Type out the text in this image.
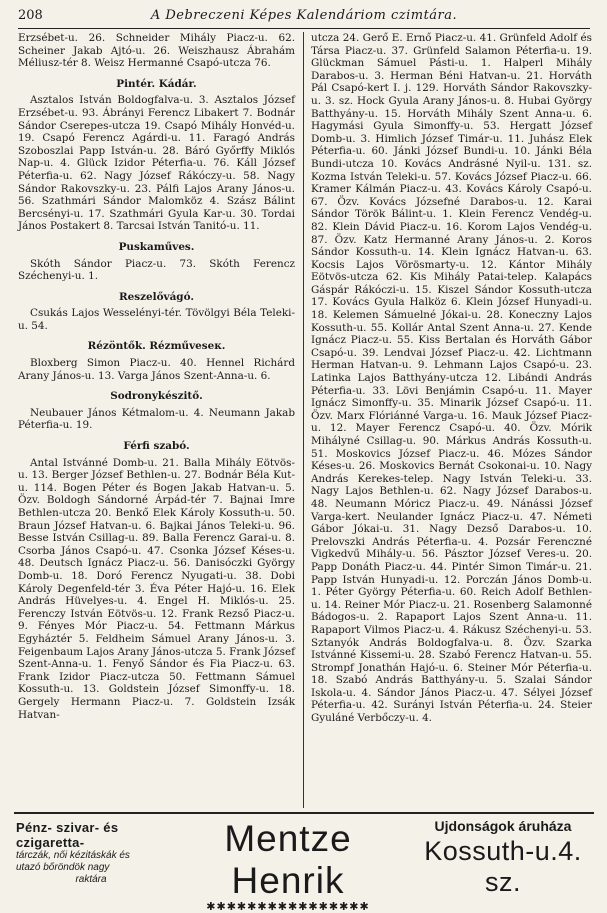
208	A Debreczeni Képes Kalendáriom czimtára.

Erzsébet-u. 26. Schneider Mihály Piacz-u. 62. Scheiner Jakab Ajtó-u. 26. Weiszhausz Ábrahám Méliusz-tér 8. Weisz Hermanné Csapó-utcza 76.

Pintér. Kádár.

Asztalos István Boldogfalva-u. 3. Asztalos József Erzsébet-u. 93. Ábrányi Ferencz Libakert 7. Bodnár Sándor Cserepes-utcza 19. Csapó Mihály Honvéd-u. 19. Csapó Ferencz Agárdi-u. 11. Faragó András Szoboszlai Papp István-u. 28. Báró Győrffy Miklós Nap-u. 4. Glück Izidor Péterfia-u. 76. Káll József Péterfia-u. 62. Nagy József Rákóczy-u. 58. Nagy Sándor Rakovszky-u. 23. Pálfi Lajos Arany János-u. 56. Szathmári Sándor Malomköz 4. Szász Bálint Bercsényi-u. 17. Szathmári Gyula Kar-u. 30. Tordai János Postakert 8. Tarcsai István Tanitó-u. 11.

Puskaműves.

Skóth Sándor Piacz-u. 73. Skóth Ferencz Széchenyi-u. 1.

Reszelővágó.

Csukás Lajos Wesselényi-tér. Tövölgyi Béla Teleki-u. 54.

Rézöntők. Rézműveseк.

Bloxberg Simon Piacz-u. 40. Hennel Richárd Arany János-u. 13. Varga János Szent-Anna-u. 6.

Sodronykészitő.

Neubauer János Kétmalom-u. 4. Neumann Jakab Péterfia-u. 19.

Férfi szabó.

Antal Istvánné Domb-u. 21. Balla Mihály Eötvös-u. 13. Berger József Bethlen-u. 27. Bodnár Béla Kut-u. 114. Bogen Péter és Bogen Jakab Hatvan-u. 5. Özv. Boldogh Sándorné Árpád-tér 7. Bajnai Imre Bethlen-utcza 20. Benkő Elek Károly Kossuth-u. 50. Braun József Hatvan-u. 6. Bajkai János Teleki-u. 96. Besse István Csillag-u. 89. Balla Ferencz Garai-u. 8. Csorba János Csapó-u. 47. Csonka József Késes-u. 48. Deutsch Ignácz Piacz-u. 56. Danisóczki György Domb-u. 18. Doró Ferencz Nyugati-u. 38. Dobi Károly Degenfeld-tér 3. Éva Péter Hajó-u. 16. Elek András Hüvelyes-u. 4. Engel H. Miklós-u. 25. Ferenczy István Eötvös-u. 12. Frank Rezső Piacz-u. 9. Fényes Mór Piacz-u. 54. Fettmann Márkus Egyháztér 5. Feldheim Sámuel Arany János-u. 3. Feigenbaum Lajos Arany János-utcza 5. Frank József Szent-Anna-u. 1. Fenyő Sándor és Fia Piacz-u. 63. Frank Izidor Piacz-utcza 50. Fettmann Sámuel Kossuth-u. 13. Goldstein József Simonffy-u. 18. Gergely Hermann Piacz-u. 7. Goldstein Izsák Hatvan-

utcza 24. Gerő E. Ernő Piacz-u. 41. Grünfeld Adolf és Társa Piacz-u. 37. Grünfeld Salamon Péterfia-u. 19. Glückman Sámuel Pásti-u. 1. Halperl Mihály Darabos-u. 3. Herman Béni Hatvan-u. 21. Horváth Pál Csapó-kert I. j. 129. Horváth Sándor Rakovszky-u. 3. sz. Hock Gyula Arany János-u. 8. Hubai György Batthyány-u. 15. Horváth Mihály Szent Anna-u. 6. Hagymási Gyula Simonffy-u. 53. Hergatt József Domb-u. 3. Himlich József Timár-u. 11. Juhász Elek Péterfia-u. 60. Jánki József Bundi-u. 10. Jánki Béla Bundi-utcza 10. Kovács Andrásné Nyil-u. 131. sz. Kozma István Teleki-u. 57. Kovács József Piacz-u. 66. Kramer Kálmán Piacz-u. 43. Kovács Károly Csapó-u. 67. Özv. Kovács Józsefné Darabos-u. 12. Karai Sándor Török Bálint-u. 1. Klein Ferencz Vendég-u. 82. Klein Dávid Piacz-u. 16. Korom Lajos Vendég-u. 87. Özv. Katz Hermanné Arany János-u. 2. Koros Sándor Kossuth-u. 14. Klein Ignácz Hatvan-u. 63. Kocsis Lajos Vörösmarty-u. 12. Kántor Mihály Eötvös-utcza 62. Kis Mihály Patai-telep. Kalapács Gáspár Rákóczi-u. 15. Kiszel Sándor Kossuth-utcza 17. Kovács Gyula Halköz 6. Klein József Hunyadi-u. 18. Kelemen Sámuelné Jókai-u. 28. Koneczny Lajos Kossuth-u. 55. Kollár Antal Szent Anna-u. 27. Kende Ignácz Piacz-u. 55. Kiss Bertalan és Horváth Gábor Csapó-u. 39. Lendvai József Piacz-u. 42. Lichtmann Herman Hatvan-u. 9. Lehmann Lajos Csapó-u. 23. Latinka Lajos Batthyány-utcza 12. Libándi András Péterfia-u. 33. Lövi Benjámin Csapó-u. 11. Mayer Ignácz Simonffy-u. 35. Minarik József Csapó-u. 11. Özv. Marx Flóriánné Varga-u. 16. Mauk József Piacz-u. 12. Mayer Ferencz Csapó-u. 40. Özv. Mórik Mihályné Csillag-u. 90. Márkus András Kossuth-u. 51. Moskovics József Piacz-u. 46. Mózes Sándor Késes-u. 26. Moskovics Bernát Csokonai-u. 10. Nagy András Kerekes-telep. Nagy István Teleki-u. 33. Nagy Lajos Bethlen-u. 62. Nagy József Darabos-u. 48. Neumann Móricz Piacz-u. 49. Nánássi József Varga-kert. Neulander Ignácz Piacz-u. 47. Németi Gábor Jókai-u. 31. Nagy Dezső Darabos-u. 10. Prelovszki András Péterfia-u. 4. Pozsár Ferenczné Vigkedvű Mihály-u. 56. Pásztor József Veres-u. 20. Papp Donáth Piacz-u. 44. Pintér Simon Timár-u. 21. Papp István Hunyadi-u. 12. Porczán János Domb-u. 1. Péter György Péterfia-u. 60. Reich Adolf Bethlen-u. 14. Reiner Mór Piacz-u. 21. Rosenberg Salamonné Bádogos-u. 2. Rapaport Lajos Szent Anna-u. 11. Rapaport Vilmos Piacz-u. 4. Rákusz Széchenyi-u. 53. Sztanyók András Boldogfalva-u. 8. Özv. Szarka Istvánné Kissemi-u. 28. Szabó Ferencz Hatvan-u. 55. Strompf Jonathán Hajó-u. 6. Steiner Mór Péterfia-u. 18. Szabó András Batthyány-u. 5. Szalai Sándor Iskola-u. 4. Sándor János Piacz-u. 47. Sélyei József Péterfia-u. 42. Surányi István Péterfia-u. 24. Steier Gyuláné Verbőczy-u. 4.

Pénz- szivar- és czigaretta-
tárczák, női kézitáskák és
utazó bőröndök nagy
raktára
Mentze Henrik
✱✱✱✱✱✱✱✱✱✱✱✱✱✱✱✱
Ujdonságok áruháza
Kossuth-u.4. sz.
